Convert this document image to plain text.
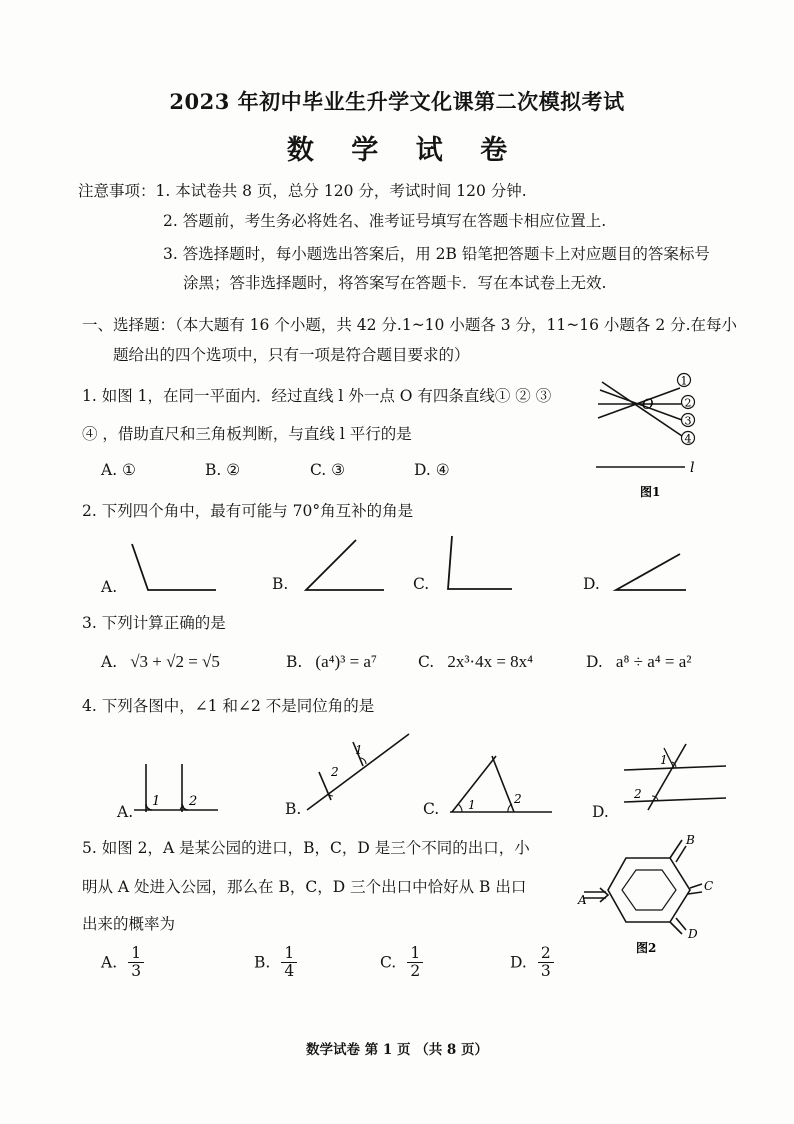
2023 年初中毕业生升学文化课第二次模拟考试
数 学 试 卷
注意事项：1. 本试卷共 8 页，总分 120 分，考试时间 120 分钟.
2. 答题前，考生务必将姓名、准考证号填写在答题卡相应位置上.
3. 答选择题时，每小题选出答案后，用 2B 铅笔把答题卡上对应题目的答案标号
涂黑；答非选择题时，将答案写在答题卡．写在本试卷上无效.
一、选择题：（本大题有 16 个小题，共 42 分.1~10 小题各 3 分，11~16 小题各 2 分.在每小
题给出的四个选项中，只有一项是符合题目要求的）
1. 如图 1，在同一平面内．经过直线 l 外一点 O 有四条直线① ② ③
④ ，借助直尺和三角板判断，与直线 l 平行的是
A. ①	B. ②	C. ③	D. ④
O
l
1
2
3
4
图1
2. 下列四个角中，最有可能与 70°角互补的角是
A.	B.	C.	D.
3. 下列计算正确的是
A. √3 + √2 = √5	B. (a⁴)³ = a⁷	C. 2x³·4x = 8x⁴	D. a⁸ ÷ a⁴ = a²
4. 下列各图中，∠1 和∠2 不是同位角的是
A.	B.	C.	D.
1 2
1
2
1	2
1
2
5. 如图 2，A 是某公园的进口，B，C，D 是三个不同的出口，小
明从 A 处进入公园，那么在 B，C，D 三个出口中恰好从 B 出口
出来的概率为
A. $\frac{1}{3}$	B. $\frac{1}{4}$	C. $\frac{1}{2}$	D. $\frac{2}{3}$
A
B
C
D
图2
数学试卷 第 1 页 （共 8 页）
